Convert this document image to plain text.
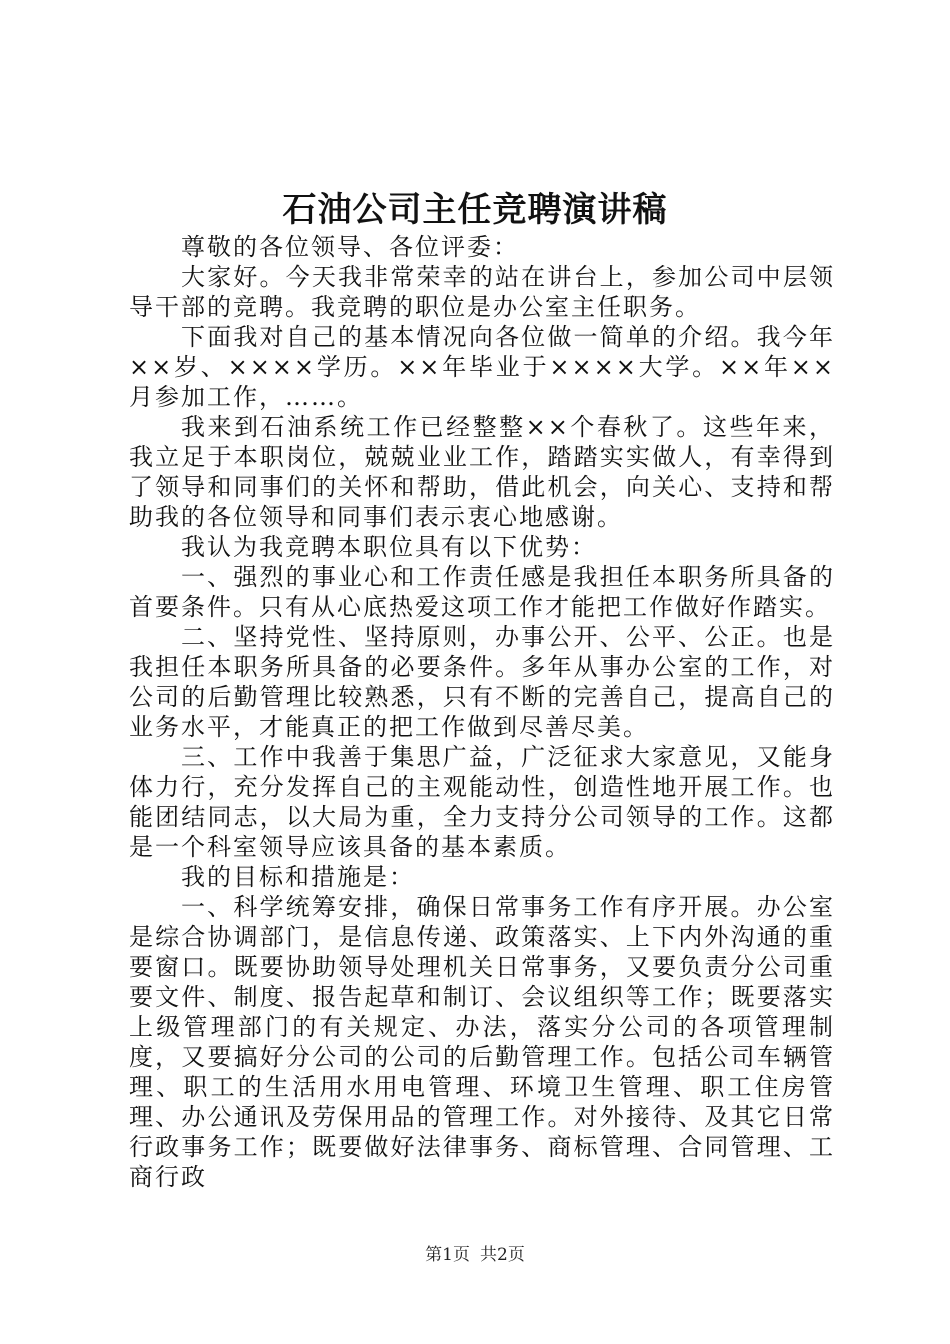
石油公司主任竞聘演讲稿

尊敬的各位领导、各位评委：

大家好。今天我非常荣幸的站在讲台上，参加公司中层领导干部的竞聘。我竞聘的职位是办公室主任职务。

下面我对自己的基本情况向各位做一简单的介绍。我今年××岁、××××学历。××年毕业于××××大学。××年××月参加工作，……。

我来到石油系统工作已经整整××个春秋了。这些年来，我立足于本职岗位，兢兢业业工作，踏踏实实做人，有幸得到了领导和同事们的关怀和帮助，借此机会，向关心、支持和帮助我的各位领导和同事们表示衷心地感谢。

我认为我竞聘本职位具有以下优势：

一、强烈的事业心和工作责任感是我担任本职务所具备的首要条件。只有从心底热爱这项工作才能把工作做好作踏实。

二、坚持党性、坚持原则，办事公开、公平、公正。也是我担任本职务所具备的必要条件。多年从事办公室的工作，对公司的后勤管理比较熟悉，只有不断的完善自己，提高自己的业务水平，才能真正的把工作做到尽善尽美。

三、工作中我善于集思广益，广泛征求大家意见，又能身体力行，充分发挥自己的主观能动性，创造性地开展工作。也能团结同志，以大局为重，全力支持分公司领导的工作。这都是一个科室领导应该具备的基本素质。

我的目标和措施是：

一、科学统筹安排，确保日常事务工作有序开展。办公室是综合协调部门，是信息传递、政策落实、上下内外沟通的重要窗口。既要协助领导处理机关日常事务，又要负责分公司重要文件、制度、报告起草和制订、会议组织等工作；既要落实上级管理部门的有关规定、办法，落实分公司的各项管理制度，又要搞好分公司的公司的后勤管理工作。包括公司车辆管理、职工的生活用水用电管理、环境卫生管理、职工住房管理、办公通讯及劳保用品的管理工作。对外接待、及其它日常行政事务工作；既要做好法律事务、商标管理、合同管理、工商行政

第1页 共2页
